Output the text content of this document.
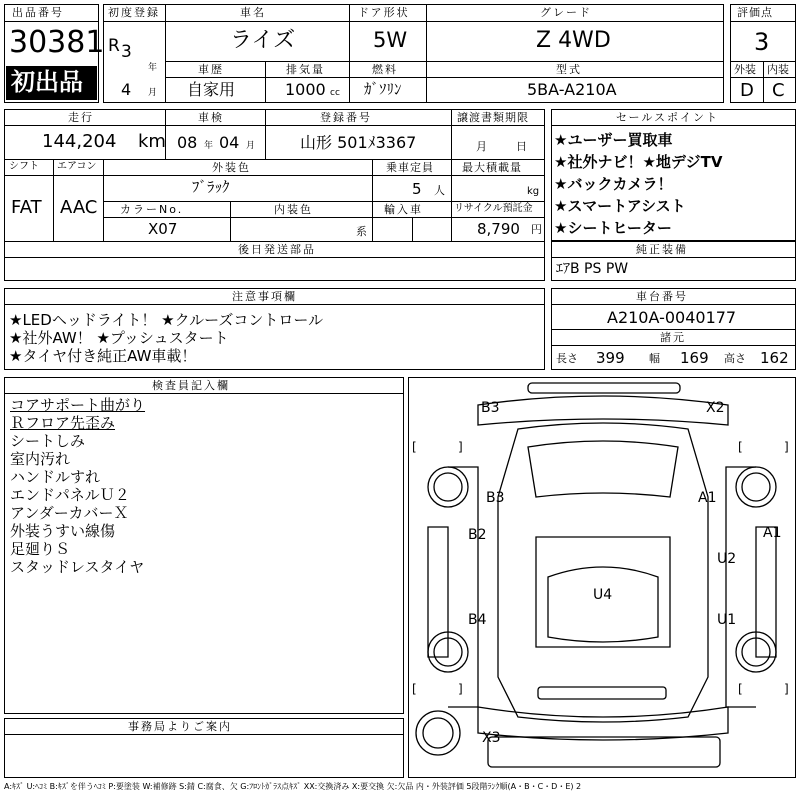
出品番号
30381
初出品
初度登録
R 3
年
4 月
車名
ライズ
ドア形状
5W
グレード
Z 4WD
車歴
自家用
排気量
1000 cc
燃料
ｶﾞｿﾘﾝ
型式
5BA-A210A
評価点
3
外装 内装
D C
走行
144,204 km
車検
08 年 04 月
登録番号
山形 501ﾒ3367
譲渡書類期限
月	日
シフト エアコン
FAT AAC
外装色
ﾌﾞﾗｯｸ
乗車定員
5 人
最大積載量
kg
カラーNo.
X07
内装色
系
輸入車	リサイクル預託金
8,790 円
後日発送部品
セールスポイント
★ユーザー買取車
★社外ナビ！★地デジTV
★バックカメラ！
★スマートアシスト
★シートヒーター
純正装備
ｴｱB PS PW
注意事項欄
★LEDヘッドライト！ ★クルーズコントロール
★社外AW！ ★プッシュスタート
★タイヤ付き純正AW車載！
車台番号
A210A-0040177
諸元
長さ 399 幅 169 高さ 162
検査員記入欄
コアサポート曲がり
Ｒフロア先歪み
シートしみ
室内汚れ
ハンドルすれ
エンドパネルＵ２
アンダーカバーＸ
外装うすい線傷
足廻りＳ
スタッドレスタイヤ
事務局よりご案内
[	]	[	]
[	]	[	]
B3	X2
B3	A1
A1
B2
U2
U4
B4	U1
X3
A:ｷｽﾞ U:ﾍｺﾐ B:ｷｽﾞを伴うﾍｺﾐ P:要塗装 W:補修跡 S:錆 C:腐食、欠 G:ﾌﾛﾝﾄｶﾞﾗｽ点ｷｽﾞ XX:交換済み X:要交換 欠:欠品 内・外装評価 5段階ﾗﾝｸ順(A・B・C・D・E) 2
